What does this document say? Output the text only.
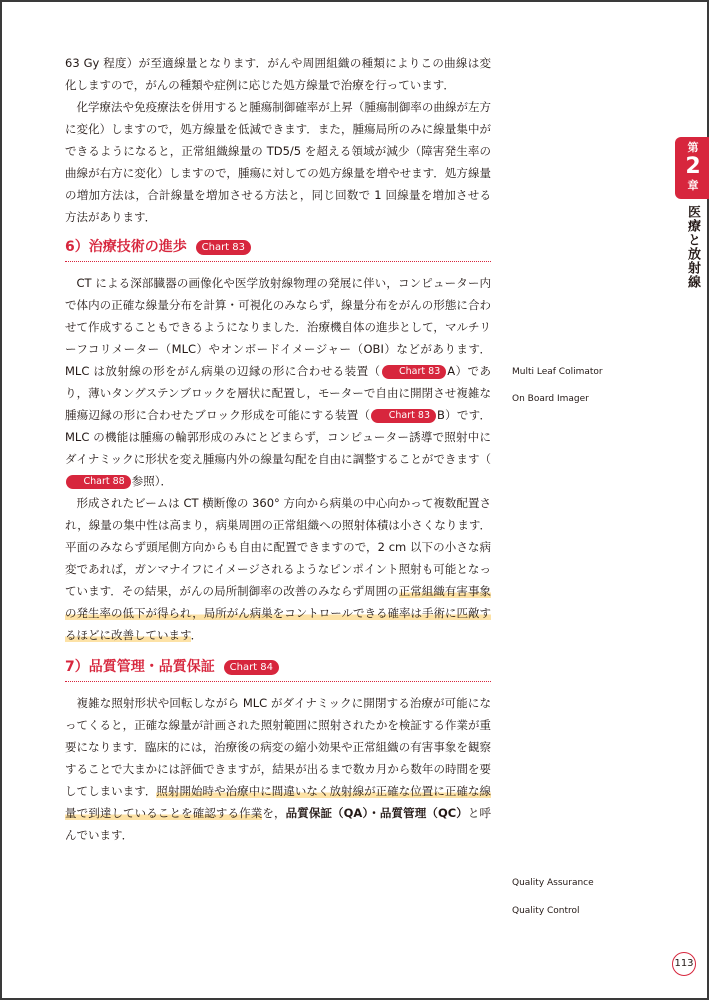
63 Gy 程度）が至適線量となります．がんや周囲組織の種類によりこの曲線は変化しますので，がんの種類や症例に応じた処方線量で治療を行っています．

化学療法や免疫療法を併用すると腫瘍制御確率が上昇（腫瘍制御率の曲線が左方に変化）しますので，処方線量を低減できます．また，腫瘍局所のみに線量集中ができるようになると，正常組織線量の TD5/5 を超える領域が減少（障害発生率の曲線が右方に変化）しますので，腫瘍に対しての処方線量を増やせます．処方線量の増加方法は，合計線量を増加させる方法と，同じ回数で 1 回線量を増加させる方法があります．

6）治療技術の進歩 Chart 83

CT による深部臓器の画像化や医学放射線物理の発展に伴い，コンピューター内で体内の正確な線量分布を計算・可視化のみならず，線量分布をがんの形態に合わせて作成することもできるようになりました．治療機自体の進歩として，マルチリーフコリメーター（MLC）やオンボードイメージャー（OBI）などがあります．MLC は放射線の形をがん病巣の辺縁の形に合わせる装置（ Chart 83 A）であり，薄いタングステンブロックを層状に配置し，モーターで自由に開閉させ複雑な腫瘍辺縁の形に合わせたブロック形成を可能にする装置（ Chart 83 B）です．MLC の機能は腫瘍の輪郭形成のみにとどまらず，コンピューター誘導で照射中にダイナミックに形状を変え腫瘍内外の線量勾配を自由に調整することができます（Chart 88 参照）．

形成されたビームは CT 横断像の 360° 方向から病巣の中心向かって複数配置され，線量の集中性は高まり，病巣周囲の正常組織への照射体積は小さくなります．平面のみならず頭尾側方向からも自由に配置できますので，2 cm 以下の小さな病変であれば，ガンマナイフにイメージされるようなピンポイント照射も可能となっています．その結果，がんの局所制御率の改善のみならず周囲の正常組織有害事象の発生率の低下が得られ，局所がん病巣をコントロールできる確率は手術に匹敵するほどに改善しています．

7）品質管理・品質保証 Chart 84

複雑な照射形状や回転しながら MLC がダイナミックに開閉する治療が可能になってくると，正確な線量が計画された照射範囲に照射されたかを検証する作業が重要になります．臨床的には，治療後の病変の縮小効果や正常組織の有害事象を観察することで大まかには評価できますが，結果が出るまで数カ月から数年の時間を要してしまいます．照射開始時や治療中に間違いなく放射線が正確な位置に正確な線量で到達していることを確認する作業を，品質保証（QA）・品質管理（QC）と呼んでいます．

Multi Leaf Colimator
On Board Imager
Quality Assurance
Quality Control
第
2
章
医療と放射線
113
